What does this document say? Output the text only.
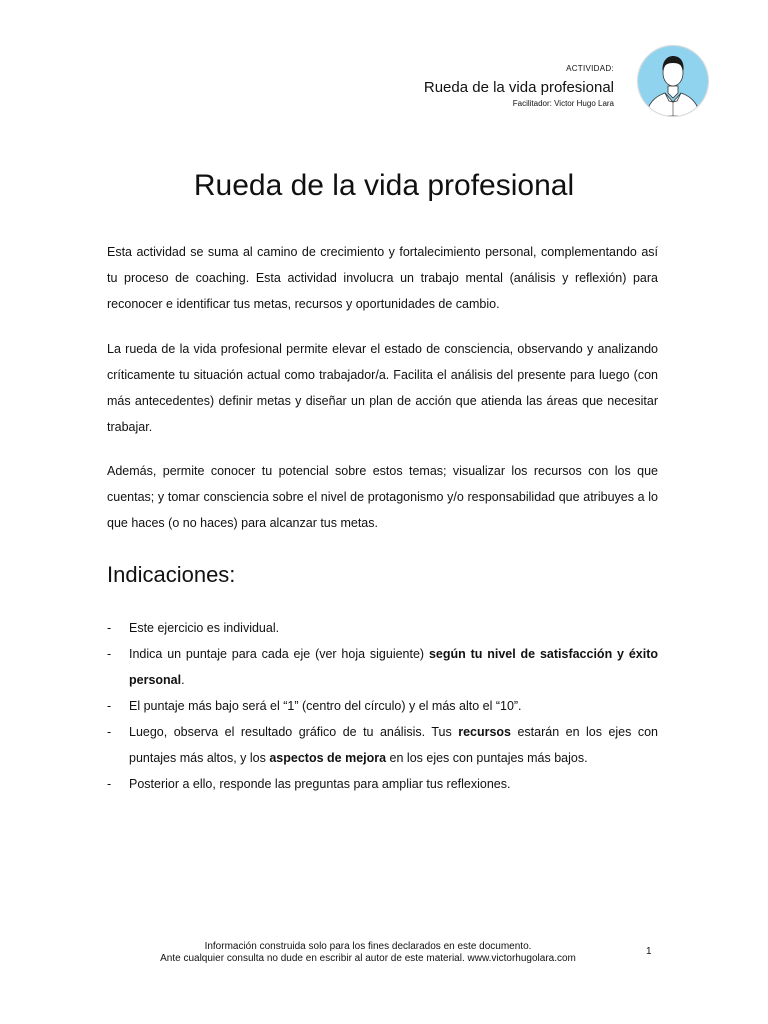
ACTIVIDAD:
Rueda de la vida profesional
Facilitador: Victor Hugo Lara
Rueda de la vida profesional

Esta actividad se suma al camino de crecimiento y fortalecimiento personal, complementando así tu proceso de coaching. Esta actividad involucra un trabajo mental (análisis y reflexión) para reconocer e identificar tus metas, recursos y oportunidades de cambio.

La rueda de la vida profesional permite elevar el estado de consciencia, observando y analizando críticamente tu situación actual como trabajador/a. Facilita el análisis del presente para luego (con más antecedentes) definir metas y diseñar un plan de acción que atienda las áreas que necesitar trabajar.

Además, permite conocer tu potencial sobre estos temas; visualizar los recursos con los que cuentas; y tomar consciencia sobre el nivel de protagonismo y/o responsabilidad que atribuyes a lo que haces (o no haces) para alcanzar tus metas.

Indicaciones:
- Este ejercicio es individual.
- Indica un puntaje para cada eje (ver hoja siguiente) según tu nivel de satisfacción y éxito personal.
- El puntaje más bajo será el “1” (centro del círculo) y el más alto el “10”.
- Luego, observa el resultado gráfico de tu análisis. Tus recursos estarán en los ejes con puntajes más altos, y los aspectos de mejora en los ejes con puntajes más bajos.
- Posterior a ello, responde las preguntas para ampliar tus reflexiones.
Información construida solo para los fines declarados en este documento.
Ante cualquier consulta no dude en escribir al autor de este material. www.victorhugolara.com
1
